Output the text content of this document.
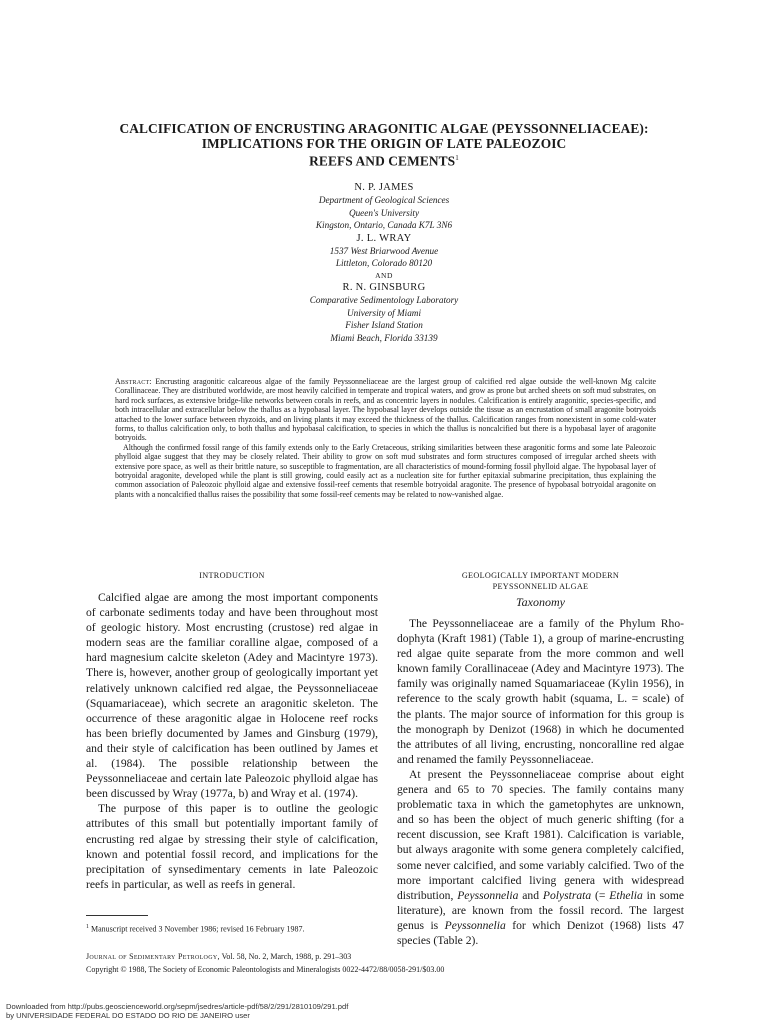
CALCIFICATION OF ENCRUSTING ARAGONITIC ALGAE (PEYSSONNELIACEAE):
IMPLICATIONS FOR THE ORIGIN OF LATE PALEOZOIC
REEFS AND CEMENTS$^1$
N. P. JAMES
Department of Geological Sciences
Queen's University
Kingston, Ontario, Canada K7L 3N6
J. L. WRAY
1537 West Briarwood Avenue
Littleton, Colorado 80120
AND
R. N. GINSBURG
Comparative Sedimentology Laboratory
University of Miami
Fisher Island Station
Miami Beach, Florida 33139

Abstract: Encrusting aragonitic calcareous algae of the family Peyssonneliaceae are the largest group of calcified red algae outside the well-known Mg calcite Corallinaceae. They are distributed worldwide, are most heavily calcified in temperate and tropical waters, and grow as prone but arched sheets on soft mud substrates, on hard rock surfaces, as extensive bridge-like networks between corals in reefs, and as concentric layers in nodules. Calcification is entirely aragonitic, species-specific, and both intracellular and extracellular below the thallus as a hypobasal layer. The hypobasal layer develops outside the tissue as an encrustation of small aragonite botryoids attached to the lower surface between rhyzoids, and on living plants it may exceed the thickness of the thallus. Calcification ranges from nonexistent in some cold-water forms, to thallus calcification only, to both thallus and hypobasal calcification, to species in which the thallus is noncalcified but there is a hypobasal layer of aragonite botryoids.

Although the confirmed fossil range of this family extends only to the Early Cretaceous, striking similarities between these aragonitic forms and some late Paleozoic phylloid algae suggest that they may be closely related. Their ability to grow on soft mud substrates and form structures composed of irregular arched sheets with extensive pore space, as well as their brittle nature, so susceptible to fragmentation, are all characteristics of mound-forming fossil phylloid algae. The hypobasal layer of botryoidal aragonite, developed while the plant is still growing, could easily act as a nucleation site for further epitaxial submarine precipitation, thus explaining the common association of Paleozoic phylloid algae and extensive fossil-reef cements that resemble botryoidal aragonite. The presence of hypobasal botryoidal aragonite on plants with a noncalcified thallus raises the possibility that some fossil-reef cements may be related to now-vanished algae.

INTRODUCTION

Calcified algae are among the most important components of carbonate sediments today and have been throughout most of geologic history. Most encrusting (crustose) red algae in modern seas are the familiar coralline algae, composed of a hard magnesium calcite skeleton (Adey and Macintyre 1973). There is, however, another group of geologically important yet relatively unknown calcified red algae, the Peyssonneliaceae (Squamariaceae), which secrete an aragonitic skeleton. The occurrence of these aragonitic algae in Holocene reef rocks has been briefly documented by James and Ginsburg (1979), and their style of calcification has been outlined by James et al. (1984). The possible relationship between the Peyssonneliaceae and certain late Paleozoic phylloid algae has been discussed by Wray (1977a, b) and Wray et al. (1974).

The purpose of this paper is to outline the geologic attributes of this small but potentially important family of encrusting red algae by stressing their style of calcification, known and potential fossil record, and implications for the precipitation of synsedimentary cements in late Paleozoic reefs in particular, as well as reefs in general.

GEOLOGICALLY IMPORTANT MODERN
PEYSSONNELID ALGAE
Taxonomy

The Peyssonneliaceae are a family of the Phylum Rhodophyta (Kraft 1981) (Table 1), a group of marine-encrusting red algae quite separate from the more common and well known family Corallinaceae (Adey and Macintyre 1973). The family was originally named Squamariaceae (Kylin 1956), in reference to the scaly growth habit (squama, L. = scale) of the plants. The major source of information for this group is the monograph by Denizot (1968) in which he documented the attributes of all living, encrusting, noncoralline red algae and renamed the family Peyssonneliaceae.

At present the Peyssonneliaceae comprise about eight genera and 65 to 70 species. The family contains many problematic taxa in which the gametophytes are unknown, and so has been the object of much generic shifting (for a recent discussion, see Kraft 1981). Calcification is variable, but always aragonite with some genera completely calcified, some never calcified, and some variably calcified. Two of the more important calcified living genera with widespread distribution, Peyssonnelia and Polystrata (= Ethelia in some literature), are known from the fossil record. The largest genus is Peyssonnelia for which Denizot (1968) lists 47 species (Table 2).

$^1$ Manuscript received 3 November 1986; revised 16 February 1987.
Journal of Sedimentary Petrology, Vol. 58, No. 2, March, 1988, p. 291–303
Copyright © 1988, The Society of Economic Paleontologists and Mineralogists 0022-4472/88/0058-291/$03.00
Downloaded from http://pubs.geoscienceworld.org/sepm/jsedres/article-pdf/58/2/291/2810109/291.pdf
by UNIVERSIDADE FEDERAL DO ESTADO DO RIO DE JANEIRO user
